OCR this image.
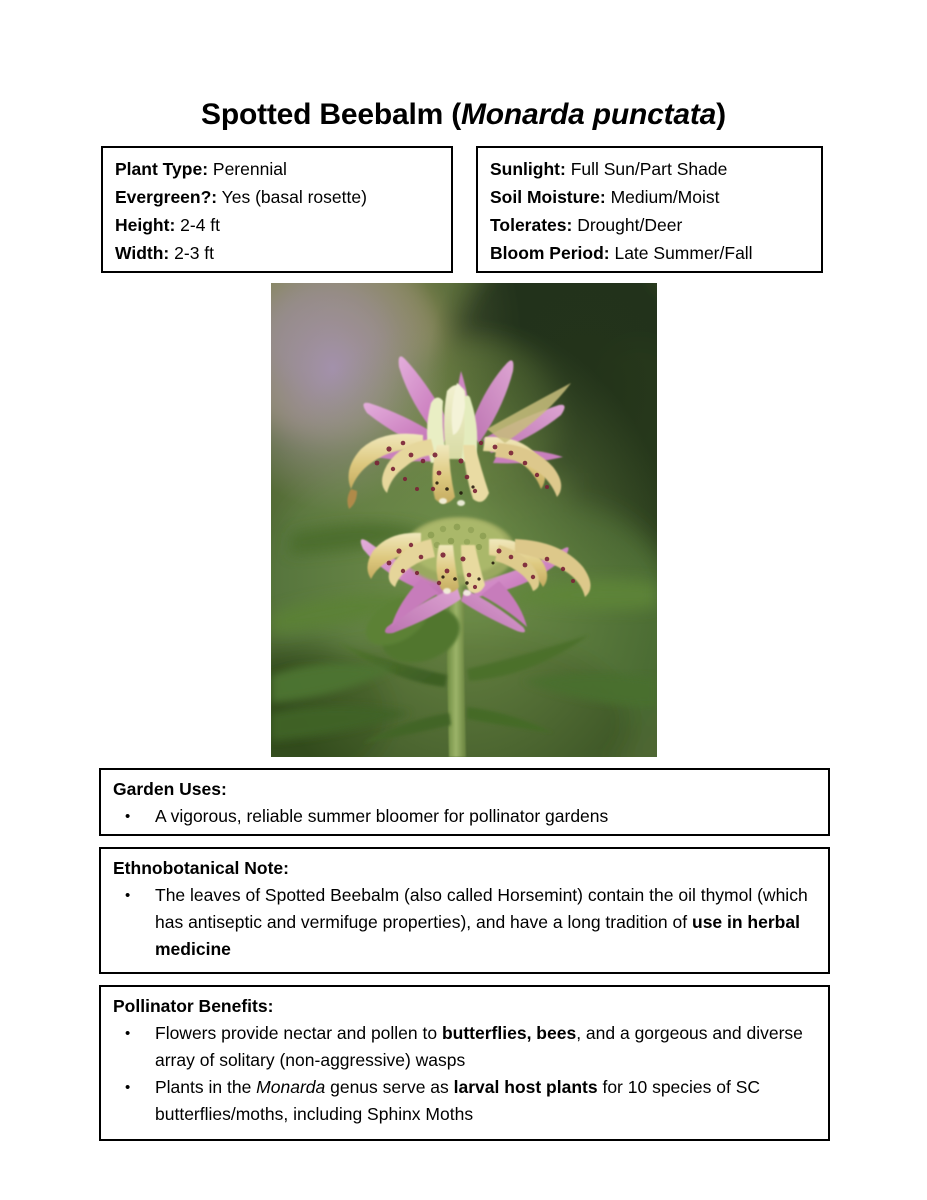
Spotted Beebalm (Monarda punctata)
Plant Type: Perennial
Evergreen?: Yes (basal rosette)
Height: 2-4 ft
Width: 2-3 ft
Sunlight: Full Sun/Part Shade
Soil Moisture: Medium/Moist
Tolerates: Drought/Deer
Bloom Period: Late Summer/Fall
Garden Uses:
• A vigorous, reliable summer bloomer for pollinator gardens
Ethnobotanical Note:
• The leaves of Spotted Beebalm (also called Horsemint) contain the oil thymol (which has antiseptic and vermifuge properties), and have a long tradition of use in herbal medicine
Pollinator Benefits:
• Flowers provide nectar and pollen to butterflies, bees, and a gorgeous and diverse array of solitary (non-aggressive) wasps
• Plants in the Monarda genus serve as larval host plants for 10 species of SC butterflies/moths, including Sphinx Moths
